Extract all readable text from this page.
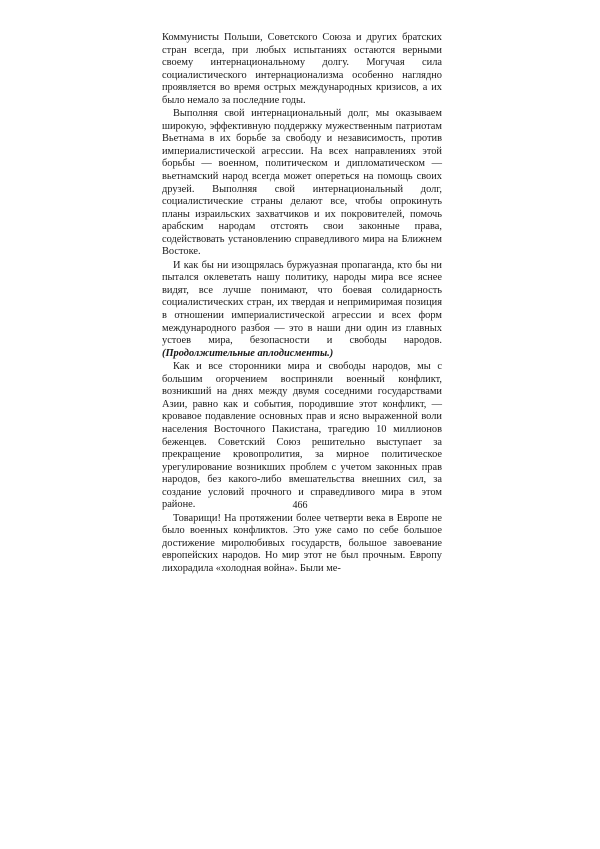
Коммунисты Польши, Советского Союза и других братских стран всегда, при любых испытаниях остаются верными своему интернациональному долгу. Могучая сила социалистического интернационализма особенно наглядно проявляется во время острых международных кризисов, а их было немало за последние годы.

Выполняя свой интернациональный долг, мы оказываем широкую, эффективную поддержку мужественным патриотам Вьетнама в их борьбе за свободу и независимость, против империалистической агрессии. На всех направлениях этой борьбы — военном, политическом и дипломатическом — вьетнамский народ всегда может опереться на помощь своих друзей. Выполняя свой интернациональный долг, социалистические страны делают все, чтобы опрокинуть планы израильских захватчиков и их покровителей, помочь арабским народам отстоять свои законные права, содействовать установлению справедливого мира на Ближнем Востоке.

И как бы ни изощрялась буржуазная пропаганда, кто бы ни пытался оклеветать нашу политику, народы мира все яснее видят, все лучше понимают, что боевая солидарность социалистических стран, их твердая и непримиримая позиция в отношении империалистической агрессии и всех форм международного разбоя — это в наши дни один из главных устоев мира, безопасности и свободы народов. (Продолжительные аплодисменты.)

Как и все сторонники мира и свободы народов, мы с большим огорчением восприняли военный конфликт, возникший на днях между двумя соседними государствами Азии, равно как и события, породившие этот конфликт, — кровавое подавление основных прав и ясно выраженной воли населения Восточного Пакистана, трагедию 10 миллионов беженцев. Советский Союз решительно выступает за прекращение кровопролития, за мирное политическое урегулирование возникших проблем с учетом законных прав народов, без какого-либо вмешательства внешних сил, за создание условий прочного и справедливого мира в этом районе.

Товарищи! На протяжении более четверти века в Европе не было военных конфликтов. Это уже само по себе большое достижение миролюбивых государств, большое завоевание европейских народов. Но мир этот не был прочным. Европу лихорадила «холодная война». Были ме-

466
